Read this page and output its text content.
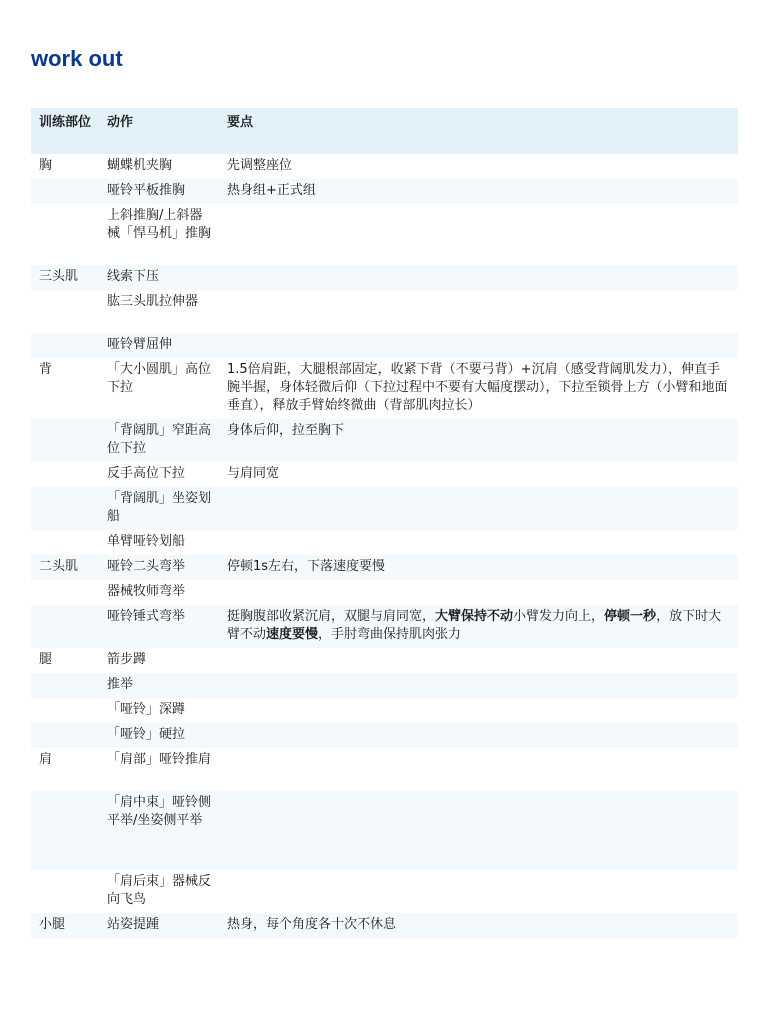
work out
训练部位	动作	要点
胸	蝴蝶机夹胸	先调整座位
	哑铃平板推胸	热身组+正式组
	上斜推胸/上斜器械「悍马机」推胸	
三头肌	线索下压	
	肱三头肌拉伸器	
	哑铃臂屈伸	
背	「大小圆肌」高位下拉	1.5倍肩距，大腿根部固定，收紧下背（不要弓背）+沉肩（感受背阔肌发力），伸直手腕半握，身体轻微后仰（下拉过程中不要有大幅度摆动），下拉至锁骨上方（小臂和地面垂直），释放手臂始终微曲（背部肌肉拉长）
	「背阔肌」窄距高位下拉	身体后仰，拉至胸下
	反手高位下拉	与肩同宽
	「背阔肌」坐姿划船	
	单臂哑铃划船	
二头肌	哑铃二头弯举	停顿1s左右，下落速度要慢
	器械牧师弯举	
	哑铃锤式弯举	挺胸腹部收紧沉肩，双腿与肩同宽，大臂保持不动小臂发力向上，停顿一秒，放下时大臂不动速度要慢，手肘弯曲保持肌肉张力
腿	箭步蹲	
	推举	
	「哑铃」深蹲	
	「哑铃」硬拉	
肩	「肩部」哑铃推肩	
	「肩中束」哑铃侧平举/坐姿侧平举	
	「肩后束」器械反向飞鸟	
小腿	站姿提踵	热身，每个角度各十次不休息
